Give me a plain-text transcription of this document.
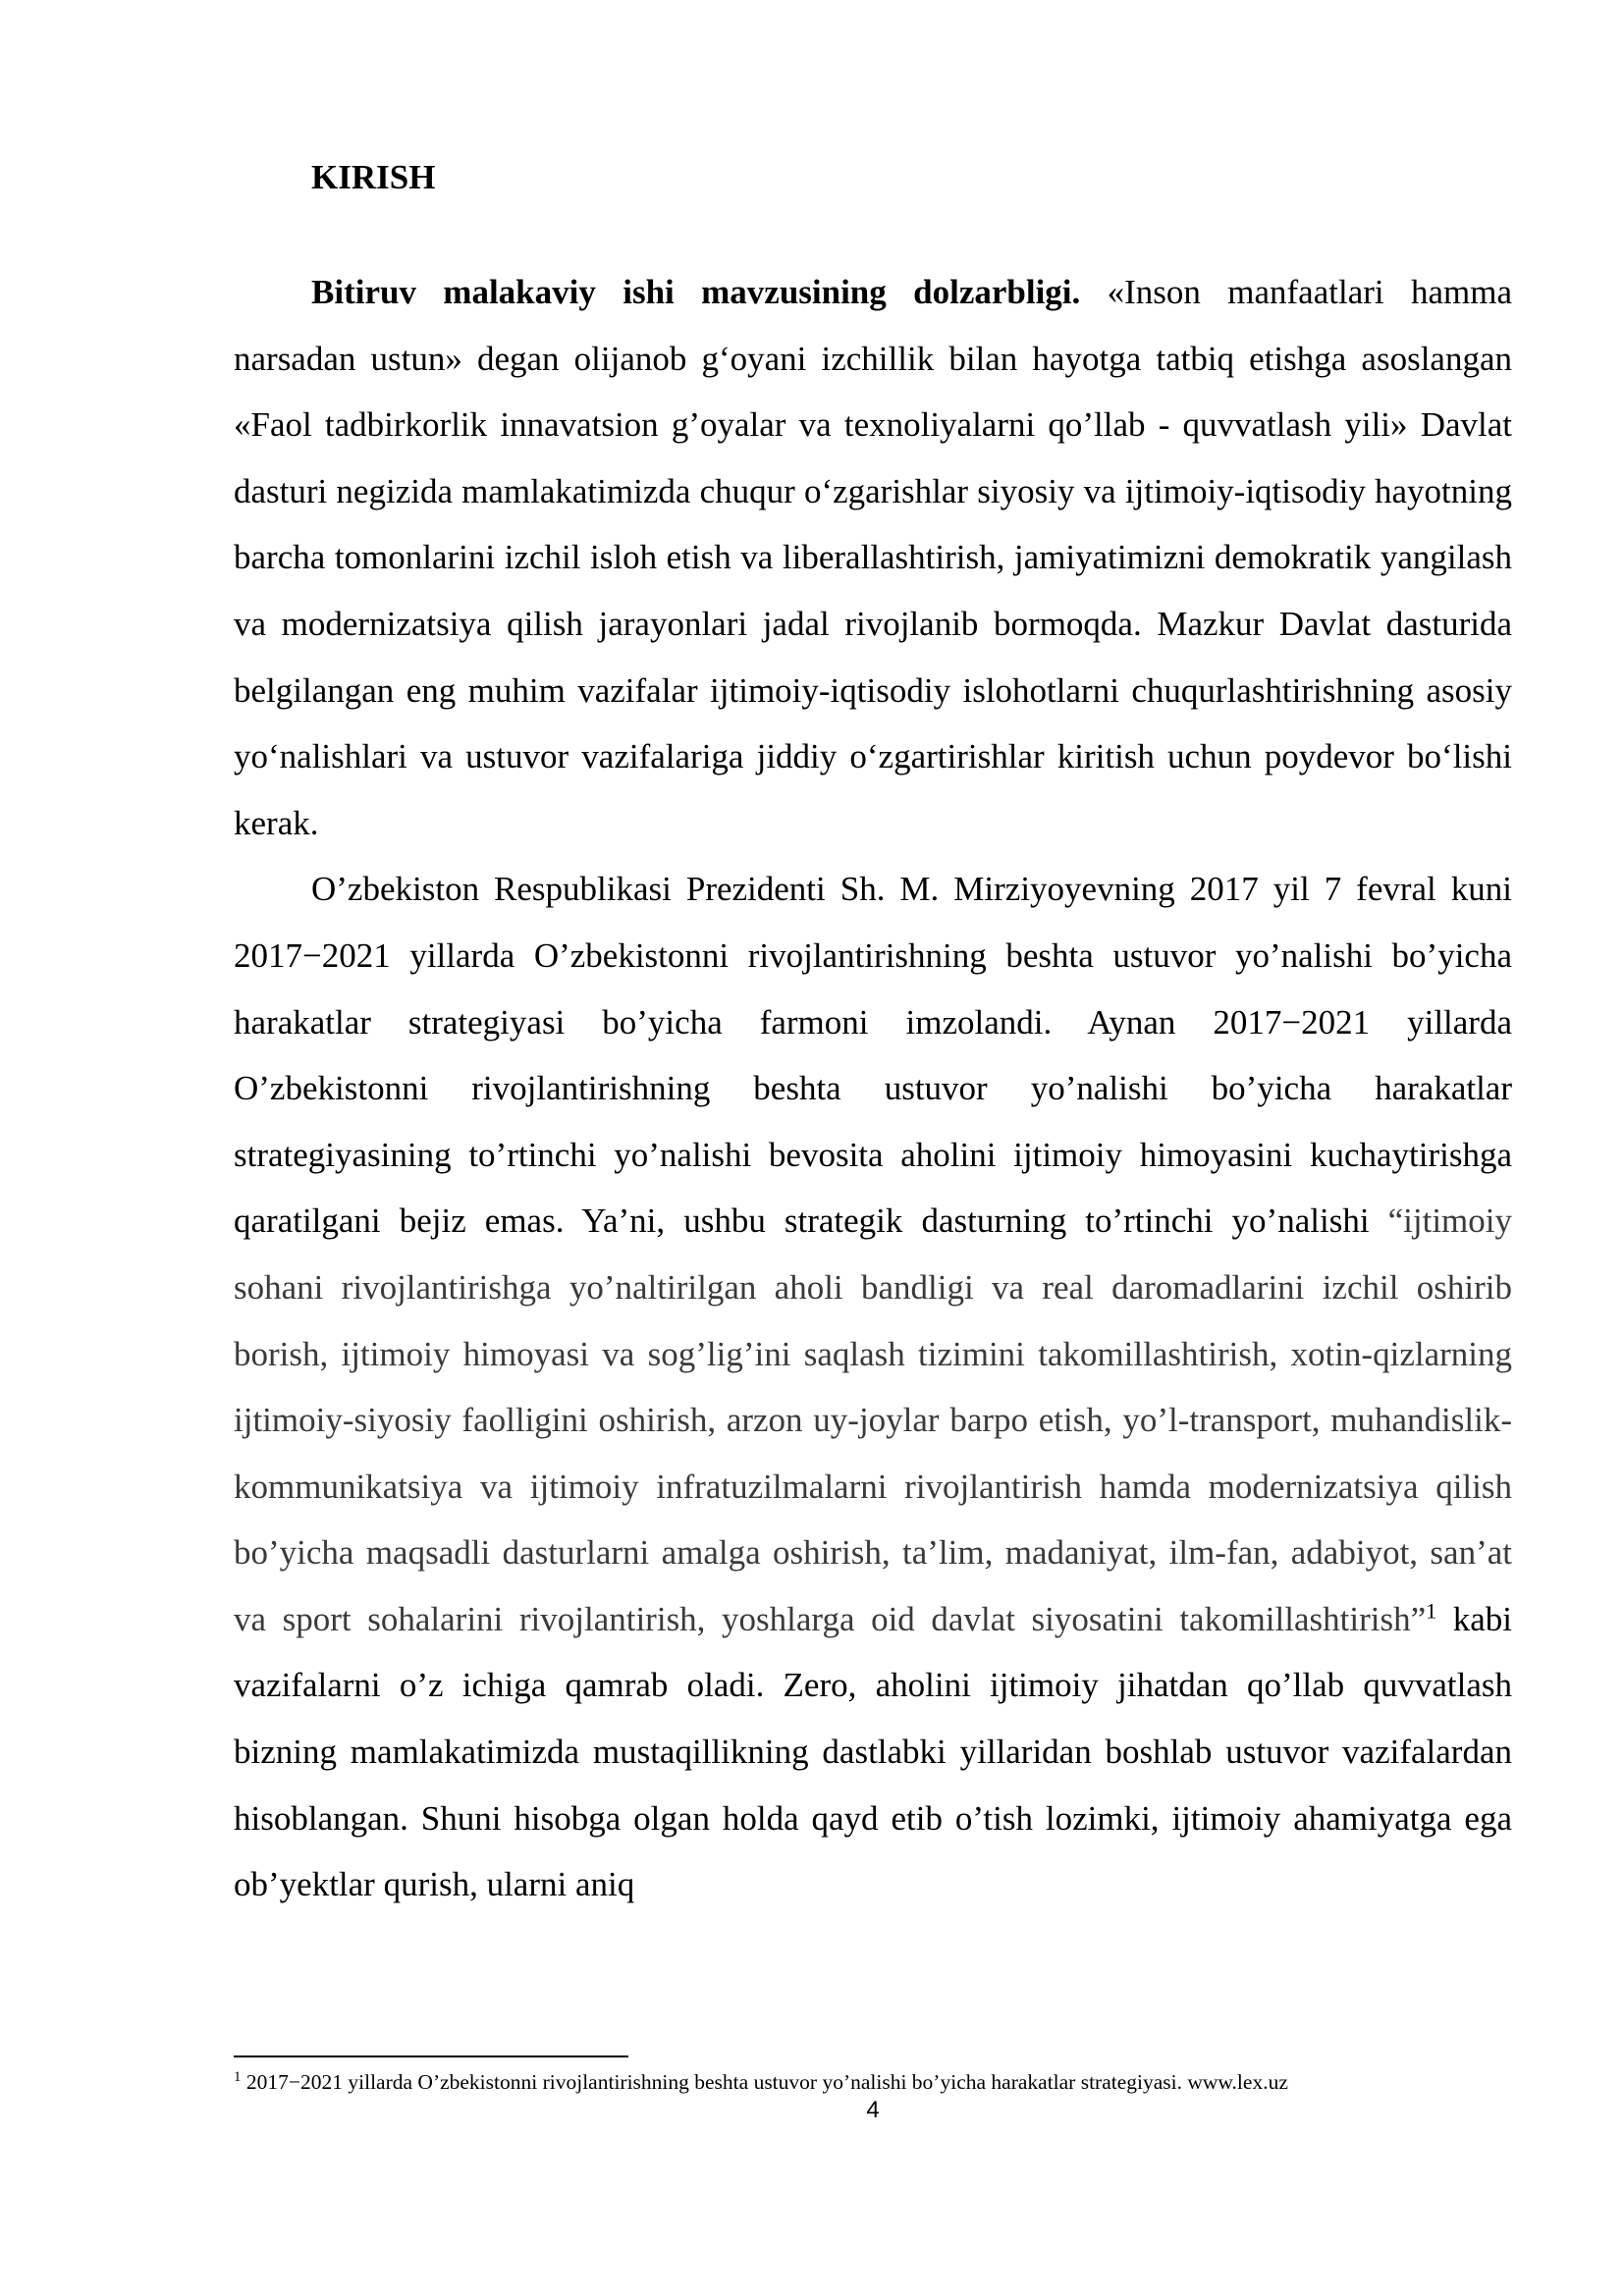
KIRISH

Bitiruv malakaviy ishi mavzusining dolzarbligi. «Inson manfaatlari hamma narsadan ustun» degan olijanob g‘oyani izchillik bilan hayotga tatbiq etishga asoslangan «Faol tadbirkorlik innavatsion g’oyalar va texnoliyalarni qo’llab - quvvatlash yili» Davlat dasturi negizida mamlakatimizda chuqur o‘zgarishlar siyosiy va ijtimoiy-iqtisodiy hayotning barcha tomonlarini izchil isloh etish va liberallashtirish, jamiyatimizni demokratik yangilash va modernizatsiya qilish jarayonlari jadal rivojlanib bormoqda. Mazkur Davlat dasturida belgilangan eng muhim vazifalar ijtimoiy-iqtisodiy islohotlarni chuqurlashtirishning asosiy yo‘nalishlari va ustuvor vazifalariga jiddiy o‘zgartirishlar kiritish uchun poydevor bo‘lishi kerak.

O’zbekiston Respublikasi Prezidenti Sh. M. Mirziyoyevning 2017 yil 7 fevral kuni 2017−2021 yillarda O’zbekistonni rivojlantirishning beshta ustuvor yo’nalishi bo’yicha harakatlar strategiyasi bo’yicha farmoni imzolandi. Aynan 2017−2021 yillarda O’zbekistonni rivojlantirishning beshta ustuvor yo’nalishi bo’yicha harakatlar strategiyasining to’rtinchi yo’nalishi bevosita aholini ijtimoiy himoyasini kuchaytirishga qaratilgani bejiz emas. Ya’ni, ushbu strategik dasturning to’rtinchi yo’nalishi “ijtimoiy sohani rivojlantirishga yo’naltirilgan aholi bandligi va real daromadlarini izchil oshirib borish, ijtimoiy himoyasi va sog’lig’ini saqlash tizimini takomillashtirish, xotin-qizlarning ijtimoiy-siyosiy faolligini oshirish, arzon uy-joylar barpo etish, yo’l-transport, muhandislik-kommunikatsiya va ijtimoiy infratuzilmalarni rivojlantirish hamda modernizatsiya qilish bo’yicha maqsadli dasturlarni amalga oshirish, ta’lim, madaniyat, ilm-fan, adabiyot, san’at va sport sohalarini rivojlantirish, yoshlarga oid davlat siyosatini takomillashtirish”$^1$ kabi vazifalarni o’z ichiga qamrab oladi. Zero, aholini ijtimoiy jihatdan qo’llab quvvatlash bizning mamlakatimizda mustaqillikning dastlabki yillaridan boshlab ustuvor vazifalardan hisoblangan. Shuni hisobga olgan holda qayd etib o’tish lozimki, ijtimoiy ahamiyatga ega ob’yektlar qurish, ularni aniq

$^1$ 2017−2021 yillarda O’zbekistonni rivojlantirishning beshta ustuvor yo’nalishi bo’yicha harakatlar strategiyasi. www.lex.uz

4
